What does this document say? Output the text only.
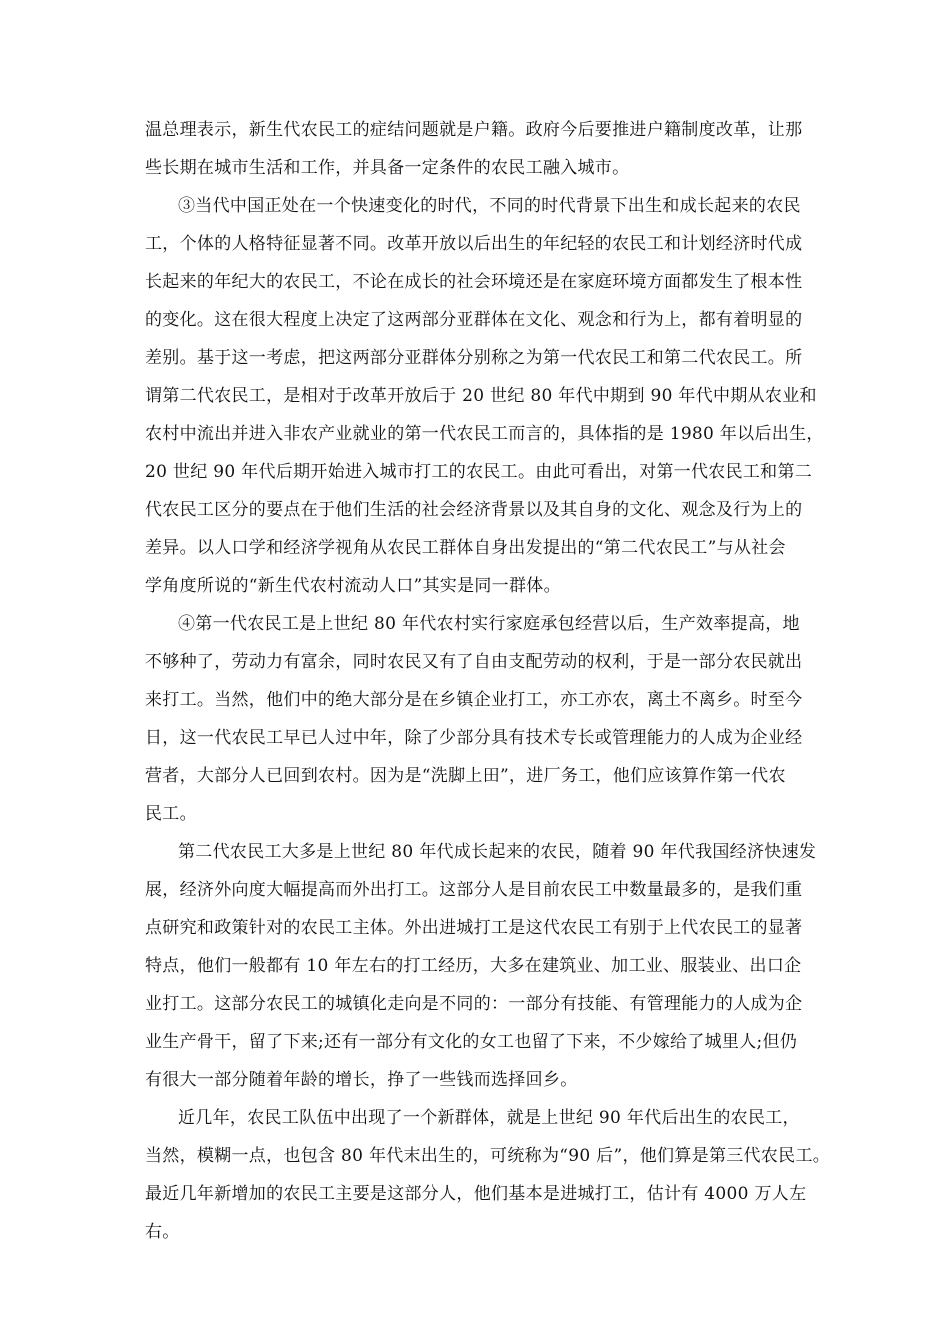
温总理表示，新生代农民工的症结问题就是户籍。政府今后要推进户籍制度改革，让那

些长期在城市生活和工作，并具备一定条件的农民工融入城市。

③当代中国正处在一个快速变化的时代，不同的时代背景下出生和成长起来的农民

工，个体的人格特征显著不同。改革开放以后出生的年纪轻的农民工和计划经济时代成

长起来的年纪大的农民工，不论在成长的社会环境还是在家庭环境方面都发生了根本性

的变化。这在很大程度上决定了这两部分亚群体在文化、观念和行为上，都有着明显的

差别。基于这一考虑，把这两部分亚群体分别称之为第一代农民工和第二代农民工。所

谓第二代农民工，是相对于改革开放后于 20 世纪 80 年代中期到 90 年代中期从农业和

农村中流出并进入非农产业就业的第一代农民工而言的，具体指的是 1980 年以后出生，

20 世纪 90 年代后期开始进入城市打工的农民工。由此可看出，对第一代农民工和第二

代农民工区分的要点在于他们生活的社会经济背景以及其自身的文化、观念及行为上的

差异。以人口学和经济学视角从农民工群体自身出发提出的“第二代农民工”与从社会

学角度所说的“新生代农村流动人口”其实是同一群体。

④第一代农民工是上世纪 80 年代农村实行家庭承包经营以后，生产效率提高，地

不够种了，劳动力有富余，同时农民又有了自由支配劳动的权利，于是一部分农民就出

来打工。当然，他们中的绝大部分是在乡镇企业打工，亦工亦农，离土不离乡。时至今

日，这一代农民工早已人过中年，除了少部分具有技术专长或管理能力的人成为企业经

营者，大部分人已回到农村。因为是“洗脚上田”，进厂务工，他们应该算作第一代农

民工。

第二代农民工大多是上世纪 80 年代成长起来的农民，随着 90 年代我国经济快速发

展，经济外向度大幅提高而外出打工。这部分人是目前农民工中数量最多的，是我们重

点研究和政策针对的农民工主体。外出进城打工是这代农民工有别于上代农民工的显著

特点，他们一般都有 10 年左右的打工经历，大多在建筑业、加工业、服装业、出口企

业打工。这部分农民工的城镇化走向是不同的：一部分有技能、有管理能力的人成为企

业生产骨干，留了下来;还有一部分有文化的女工也留了下来，不少嫁给了城里人;但仍

有很大一部分随着年龄的增长，挣了一些钱而选择回乡。

近几年，农民工队伍中出现了一个新群体，就是上世纪 90 年代后出生的农民工，

当然，模糊一点，也包含 80 年代末出生的，可统称为“90 后”，他们算是第三代农民工。

最近几年新增加的农民工主要是这部分人，他们基本是进城打工，估计有 4000 万人左

右。
